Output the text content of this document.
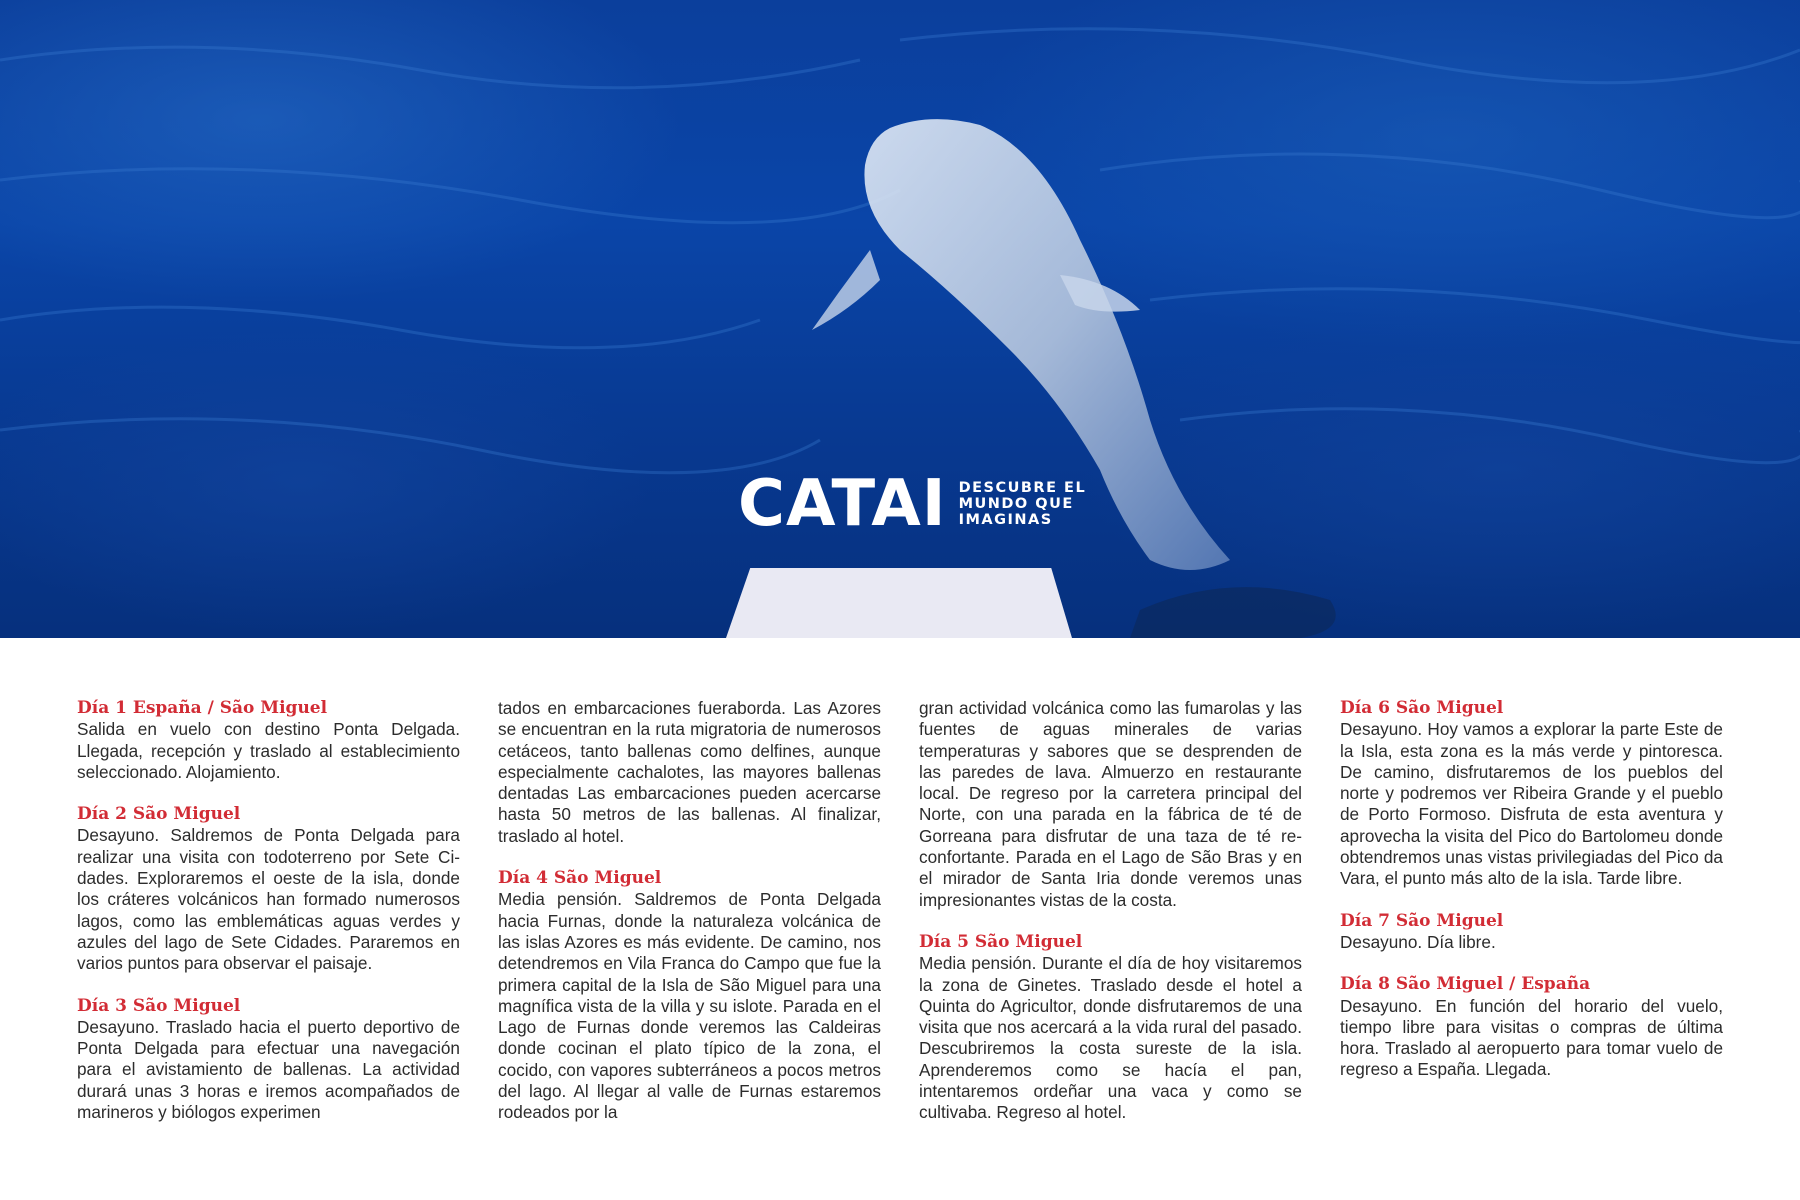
CATAI DESCUBRE EL
MUNDO QUE
IMAGINAS
Día 1 España / São Miguel
Salida en vuelo con destino Ponta Delgada. Llegada, recepción y traslado al establecimiento seleccionado. Alojamiento.
Día 2 São Miguel
Desayuno. Saldremos de Ponta Delgada para realizar una visita con todoterreno por Sete Cidades. Exploraremos el oeste de la isla, donde los cráteres volcánicos han formado numerosos lagos, como las emblemáticas aguas verdes y azules del lago de Sete Cidades. Pararemos en varios puntos para observar el paisaje.
Día 3 São Miguel
Desayuno. Traslado hacia el puerto deportivo de Ponta Delgada para efectuar una navegación para el avistamiento de ballenas. La actividad durará unas 3 horas e iremos acompañados de marineros y biólogos experimen

tados en embarcaciones fueraborda. Las Azores se encuentran en la ruta migratoria de numerosos cetáceos, tanto ballenas como delfines, aunque especialmente cachalotes, las mayores ballenas dentadas Las embarcaciones pueden acercarse hasta 50 metros de las ballenas. Al finalizar, traslado al hotel.

Día 4 São Miguel
Media pensión. Saldremos de Ponta Delgada hacia Furnas, donde la naturaleza volcánica de las islas Azores es más evidente. De camino, nos detendremos en Vila Franca do Campo que fue la primera capital de la Isla de São Miguel para una magnífica vista de la villa y su islote. Parada en el Lago de Furnas donde veremos las Caldeiras donde cocinan el plato típico de la zona, el cocido, con vapores subterráneos a pocos metros del lago. Al llegar al valle de Furnas estaremos rodeados por la

gran actividad volcánica como las fumarolas y las fuentes de aguas minerales de varias temperaturas y sabores que se desprenden de las paredes de lava. Almuerzo en restaurante local. De regreso por la carretera principal del Norte, con una parada en la fábrica de té de Gorreana para disfrutar de una taza de té reconfortante. Parada en el Lago de São Bras y en el mirador de Santa Iria donde veremos unas impresionantes vistas de la costa.

Día 5 São Miguel
Media pensión. Durante el día de hoy visitaremos la zona de Ginetes. Traslado desde el hotel a Quinta do Agricultor, donde disfrutaremos de una visita que nos acercará a la vida rural del pasado. Descubriremos la costa sureste de la isla. Aprenderemos como se hacía el pan, intentaremos ordeñar una vaca y como se cultivaba. Regreso al hotel.
Día 6 São Miguel
Desayuno. Hoy vamos a explorar la parte Este de la Isla, esta zona es la más verde y pintoresca. De camino, disfrutaremos de los pueblos del norte y podremos ver Ribeira Grande y el pueblo de Porto Formoso. Disfruta de esta aventura y aprovecha la visita del Pico do Bartolomeu donde obtendremos unas vistas privilegiadas del Pico da Vara, el punto más alto de la isla. Tarde libre.
Día 7 São Miguel
Desayuno. Día libre.
Día 8 São Miguel / España
Desayuno. En función del horario del vuelo, tiempo libre para visitas o compras de última hora. Traslado al aeropuerto para tomar vuelo de regreso a España. Llegada.
